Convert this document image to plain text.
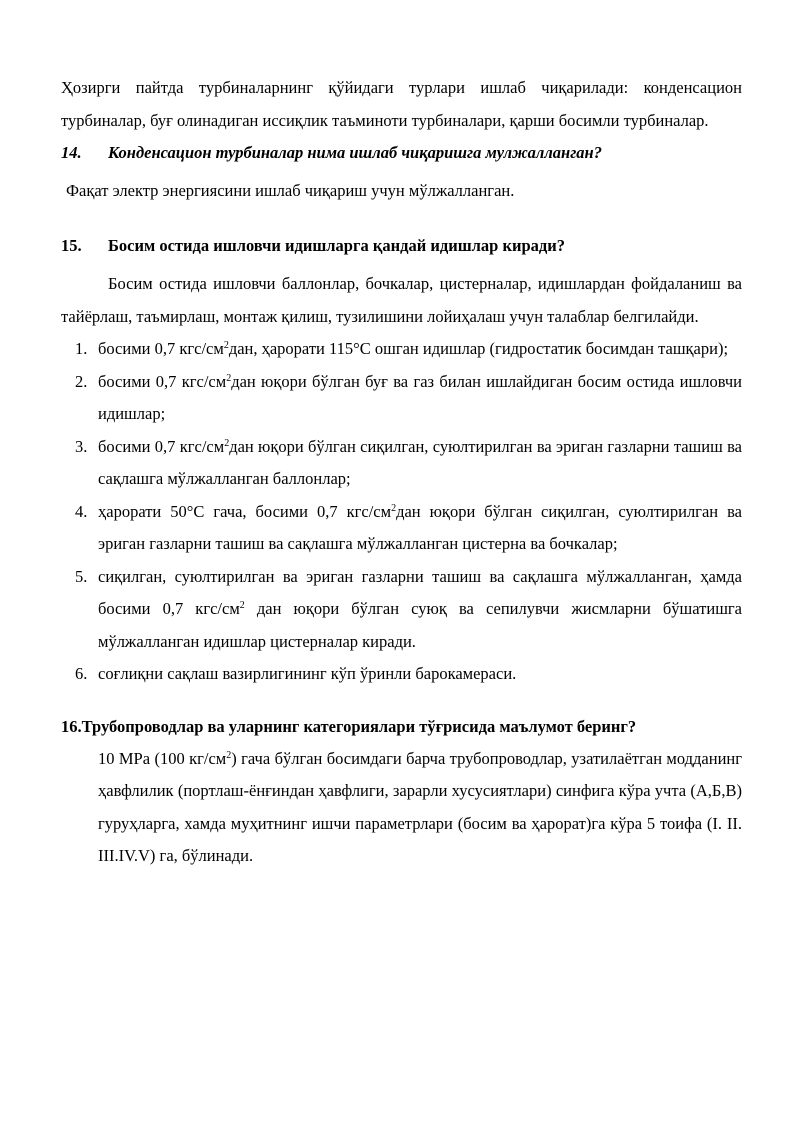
Ҳозирги пайтда турбиналарнинг қўйидаги турлари ишлаб чиқарилади: конденсацион турбиналар, буғ олинадиган иссиқлик таъминоти турбиналари, қарши босимли турбиналар.

14.	Конденсацион турбиналар нима ишлаб чиқаришга мулжалланган?

Фақат электр энергиясини ишлаб чиқариш учун мўлжалланган.

15.	Босим остида ишловчи идишларга қандай идишлар киради?

Босим остида ишловчи баллонлар, бочкалар, цистерналар, идишлардан фойдаланиш ва тайёрлаш, таъмирлаш, монтаж қилиш, тузилишини лойиҳалаш учун талаблар белгилайди.

1. босими 0,7 кгс/$см^2дан$, ҳарорати 115°С ошган идишлар (гидростатик босимдан ташқари);
2. босими 0,7 кгс/$см^2дан$ юқори бўлган буғ ва газ билан ишлайдиган босим остида ишловчи идишлар;
3. босими 0,7 кгс/$см^2дан$ юқори бўлган сиқилган, суюлтирилган ва эриган газларни ташиш ва сақлашга мўлжалланган баллонлар;
4. ҳарорати 50°С гача, босими 0,7 кгс/$см^2дан$ юқори бўлган сиқилган, суюлтирилган ва эриган газларни ташиш ва сақлашга мўлжалланган цистерна ва бочкалар;
5. сиқилган, суюлтирилган ва эриган газларни ташиш ва сақлашга мўлжалланган, ҳамда босими 0,7 кгс/$см^2$ дан юқори бўлган суюқ ва сепилувчи жисмларни бўшатишга мўлжалланган идишлар цистерналар киради.
6. соғлиқни сақлаш вазирлигининг кўп ўринли барокамераси.

16.Трубопроводлар ва уларнинг категориялари тўғрисида маълумот беринг?

10 МРа (100 $кг/см^2$) гача бўлган босимдаги барча трубопроводлар, узатилаётган модданинг ҳавфлилик (портлаш-ёнғиндан ҳавфлиги, зарарли хусусиятлари) синфига кўра учта (А,Б,В) гуруҳларга, хамда муҳитнинг ишчи параметрлари (босим ва ҳарорат)га кўра 5 тоифа (I. II. III.IV.V) га, бўлинади.
